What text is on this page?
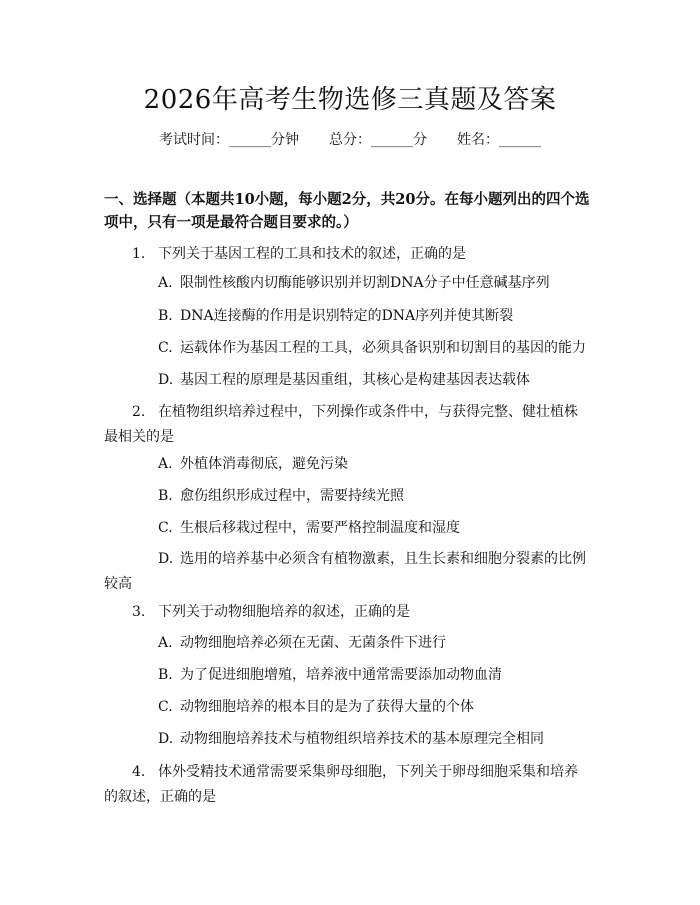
2026年高考生物选修三真题及答案
考试时间：______分钟 总分：______分 姓名：______
一、选择题（本题共10小题，每小题2分，共20分。在每小题列出的四个选项中，只有一项是最符合题目要求的。）
1. 下列关于基因工程的工具和技术的叙述，正确的是
A. 限制性核酸内切酶能够识别并切割DNA分子中任意碱基序列
B. DNA连接酶的作用是识别特定的DNA序列并使其断裂
C. 运载体作为基因工程的工具，必须具备识别和切割目的基因的能力
D. 基因工程的原理是基因重组，其核心是构建基因表达载体
2. 在植物组织培养过程中，下列操作或条件中，与获得完整、健壮植株最相关的是
A. 外植体消毒彻底，避免污染
B. 愈伤组织形成过程中，需要持续光照
C. 生根后移栽过程中，需要严格控制温度和湿度
D. 选用的培养基中必须含有植物激素，且生长素和细胞分裂素的比例较高
3. 下列关于动物细胞培养的叙述，正确的是
A. 动物细胞培养必须在无菌、无菌条件下进行
B. 为了促进细胞增殖，培养液中通常需要添加动物血清
C. 动物细胞培养的根本目的是为了获得大量的个体
D. 动物细胞培养技术与植物组织培养技术的基本原理完全相同
4. 体外受精技术通常需要采集卵母细胞，下列关于卵母细胞采集和培养的叙述，正确的是
